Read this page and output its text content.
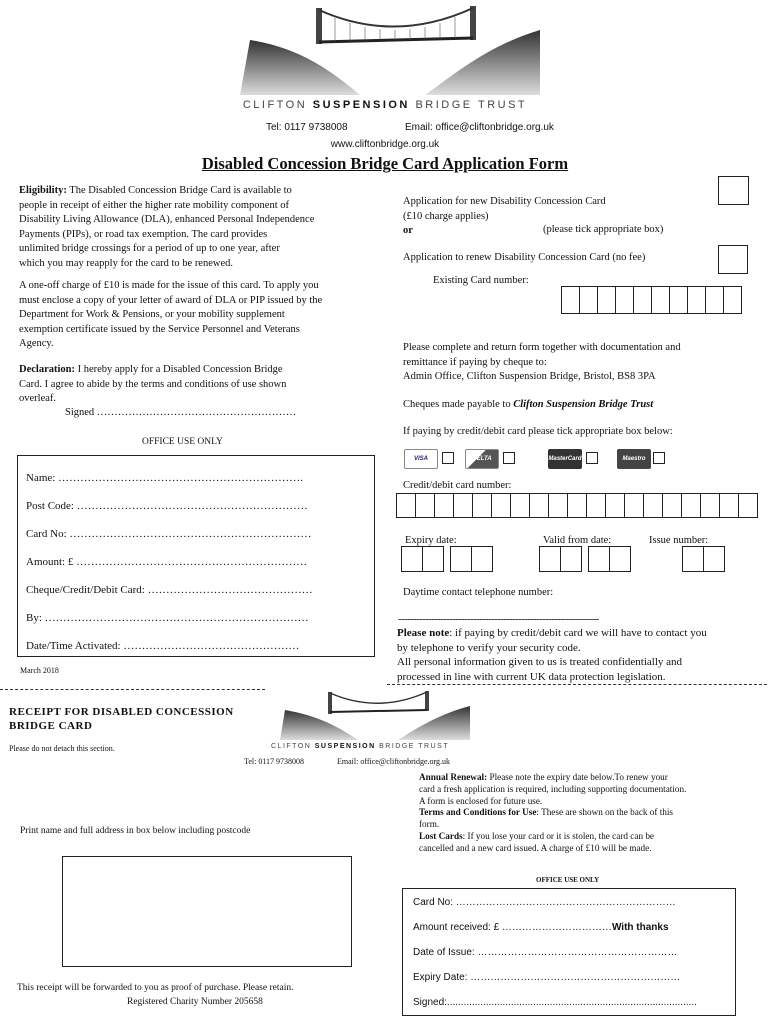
CLIFTON SUSPENSION BRIDGE TRUST
Tel: 0117 9738008	Email: office@cliftonbridge.org.uk
www.cliftonbridge.org.uk
Disabled Concession Bridge Card Application Form
Eligibility: The Disabled Concession Bridge Card is available to
people in receipt of either the higher rate mobility component of
Disability Living Allowance (DLA), enhanced Personal Independence
Payments (PIPs), or road tax exemption. The card provides
unlimited bridge crossings for a period of up to one year, after
which you may reapply for the card to be renewed.
A one-off charge of £10 is made for the issue of this card. To apply you
must enclose a copy of your letter of award of DLA or PIP issued by the
Department for Work & Pensions, or your mobility supplement
exemption certificate issued by the Service Personnel and Veterans
Agency.
Declaration: I hereby apply for a Disabled Concession Bridge
Card. I agree to abide by the terms and conditions of use shown
overleaf.
Signed …………………………………………………
OFFICE USE ONLY
Name: ………………………………………………………….
Post Code: ………………………………………………………
Card No: …………………………………………………………
Amount: £ ………………………………………………………
Cheque/Credit/Debit Card: ………………………………………
By: ………………………………………………………………
Date/Time Activated: …………………………………………
March 2018
Application for new Disability Concession Card
(£10 charge applies)
or	(please tick appropriate box)
Application to renew Disability Concession Card (no fee)
Existing Card number:
Please complete and return form together with documentation and
remittance if paying by cheque to:
Admin Office, Clifton Suspension Bridge, Bristol, BS8 3PA
Cheques made payable to Clifton Suspension Bridge Trust
If paying by credit/debit card please tick appropriate box below:
VISA	DELTA	MasterCard	Maestro
Credit/debit card number:
Expiry date:	Valid from date:	Issue number:
Daytime contact telephone number:
-------------------------------------------------------------------
Please note: if paying by credit/debit card we will have to contact you
by telephone to verify your security code.
All personal information given to us is treated confidentially and
processed in line with current UK data protection legislation.
RECEIPT FOR DISABLED CONCESSION
BRIDGE CARD
Please do not detach this section.	CLIFTON SUSPENSION BRIDGE TRUST
Tel: 0117 9738008	Email: office@cliftonbridge.org.uk
Annual Renewal: Please note the expiry date below.To renew your
card a fresh application is required, including supporting documentation.
A form is enclosed for future use.
Terms and Conditions for Use: These are shown on the back of this
form.
Lost Cards: If you lose your card or it is stolen, the card can be
cancelled and a new card issued. A charge of £10 will be made.
Print name and full address in box below including postcode
OFFICE USE ONLY
Card No: …………………………………………………………
Amount received: £ ……………………………With thanks
Date of Issue: ……………………………………………………
Expiry Date: ………………………………………………………
Signed:..........................................................................................
This receipt will be forwarded to you as proof of purchase. Please retain.
Registered Charity Number 205658
